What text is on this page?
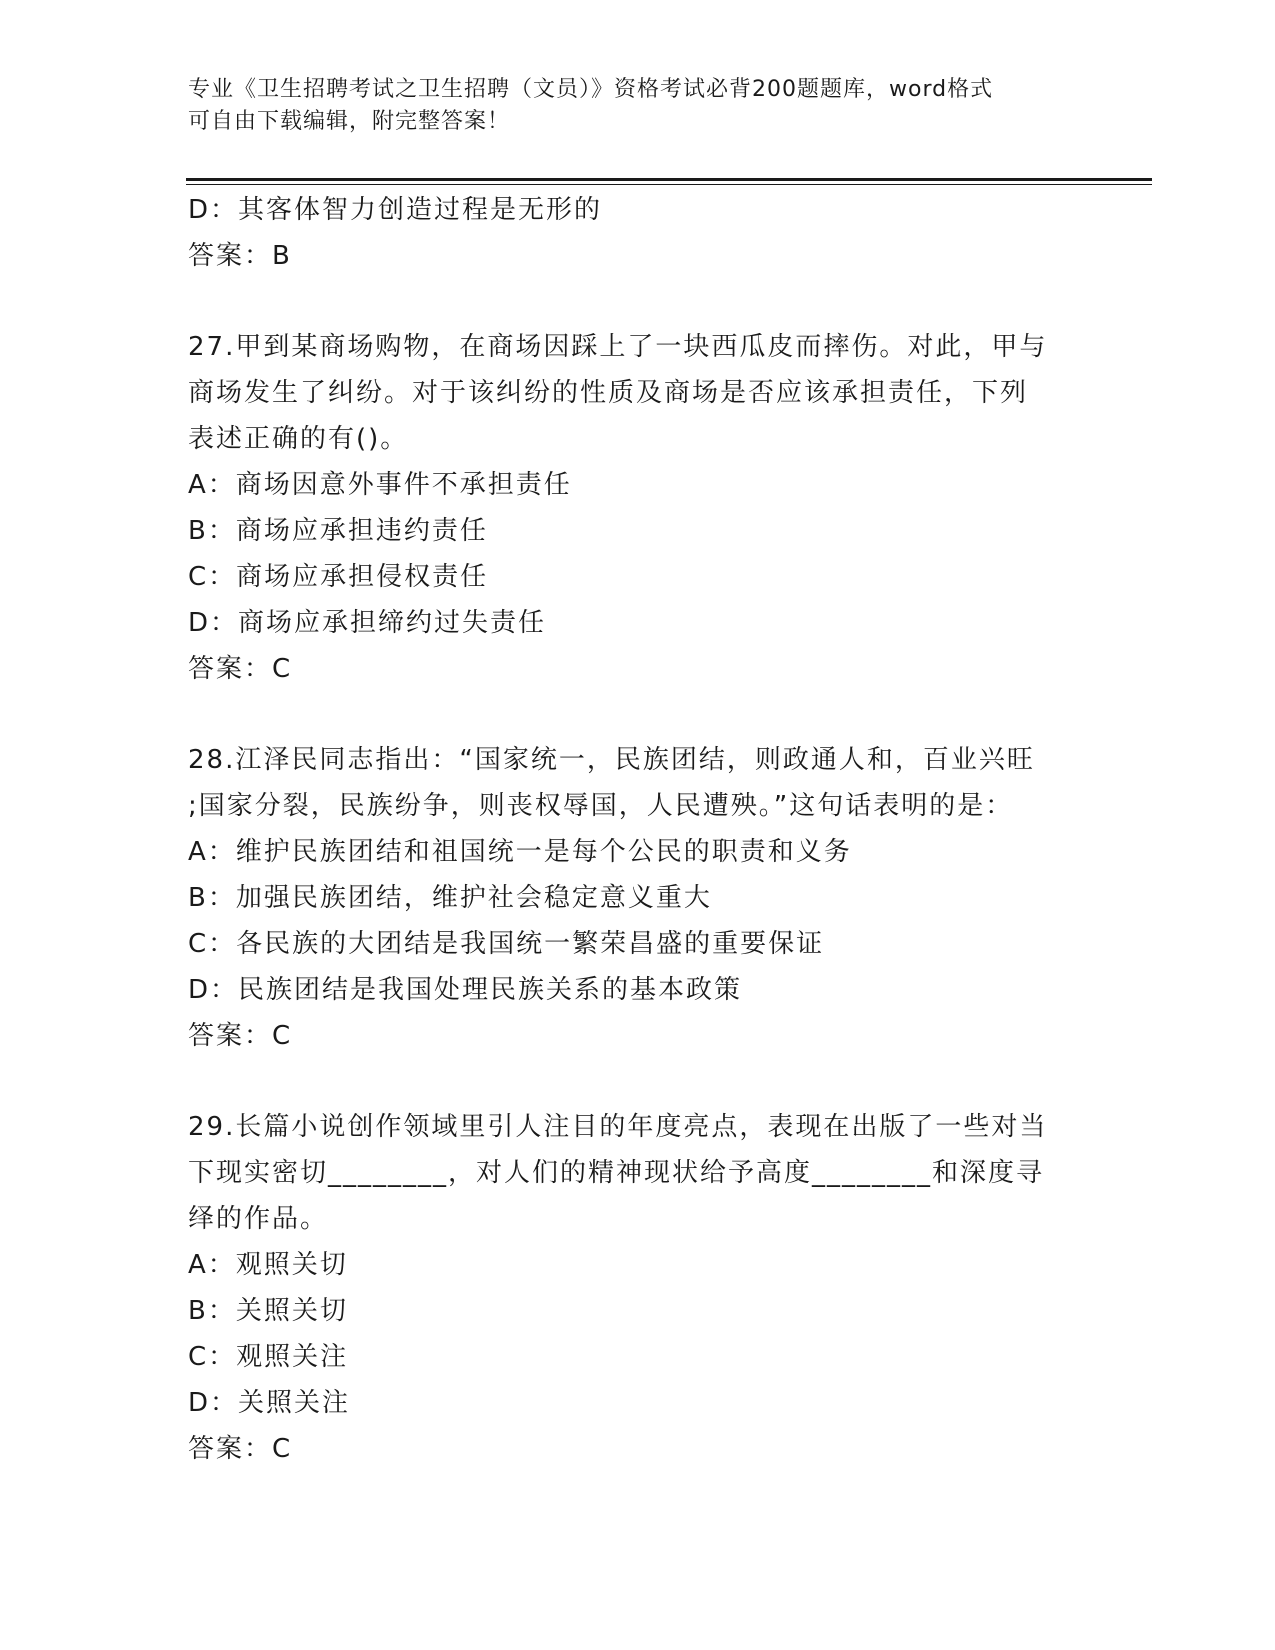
专业《卫生招聘考试之卫生招聘（文员）》资格考试必背200题题库，word格式
可自由下载编辑，附完整答案！
D：其客体智力创造过程是无形的
答案：B
27.甲到某商场购物，在商场因踩上了一块西瓜皮而摔伤。对此，甲与
商场发生了纠纷。对于该纠纷的性质及商场是否应该承担责任，下列
表述正确的有()。
A：商场因意外事件不承担责任
B：商场应承担违约责任
C：商场应承担侵权责任
D：商场应承担缔约过失责任
答案：C
28.江泽民同志指出：“国家统一，民族团结，则政通人和，百业兴旺
;国家分裂，民族纷争，则丧权辱国，人民遭殃。”这句话表明的是：
A：维护民族团结和祖国统一是每个公民的职责和义务
B：加强民族团结，维护社会稳定意义重大
C：各民族的大团结是我国统一繁荣昌盛的重要保证
D：民族团结是我国处理民族关系的基本政策
答案：C
29.长篇小说创作领域里引人注目的年度亮点，表现在出版了一些对当
下现实密切________，对人们的精神现状给予高度________和深度寻
绎的作品。
A：观照关切
B：关照关切
C：观照关注
D：关照关注
答案：C
